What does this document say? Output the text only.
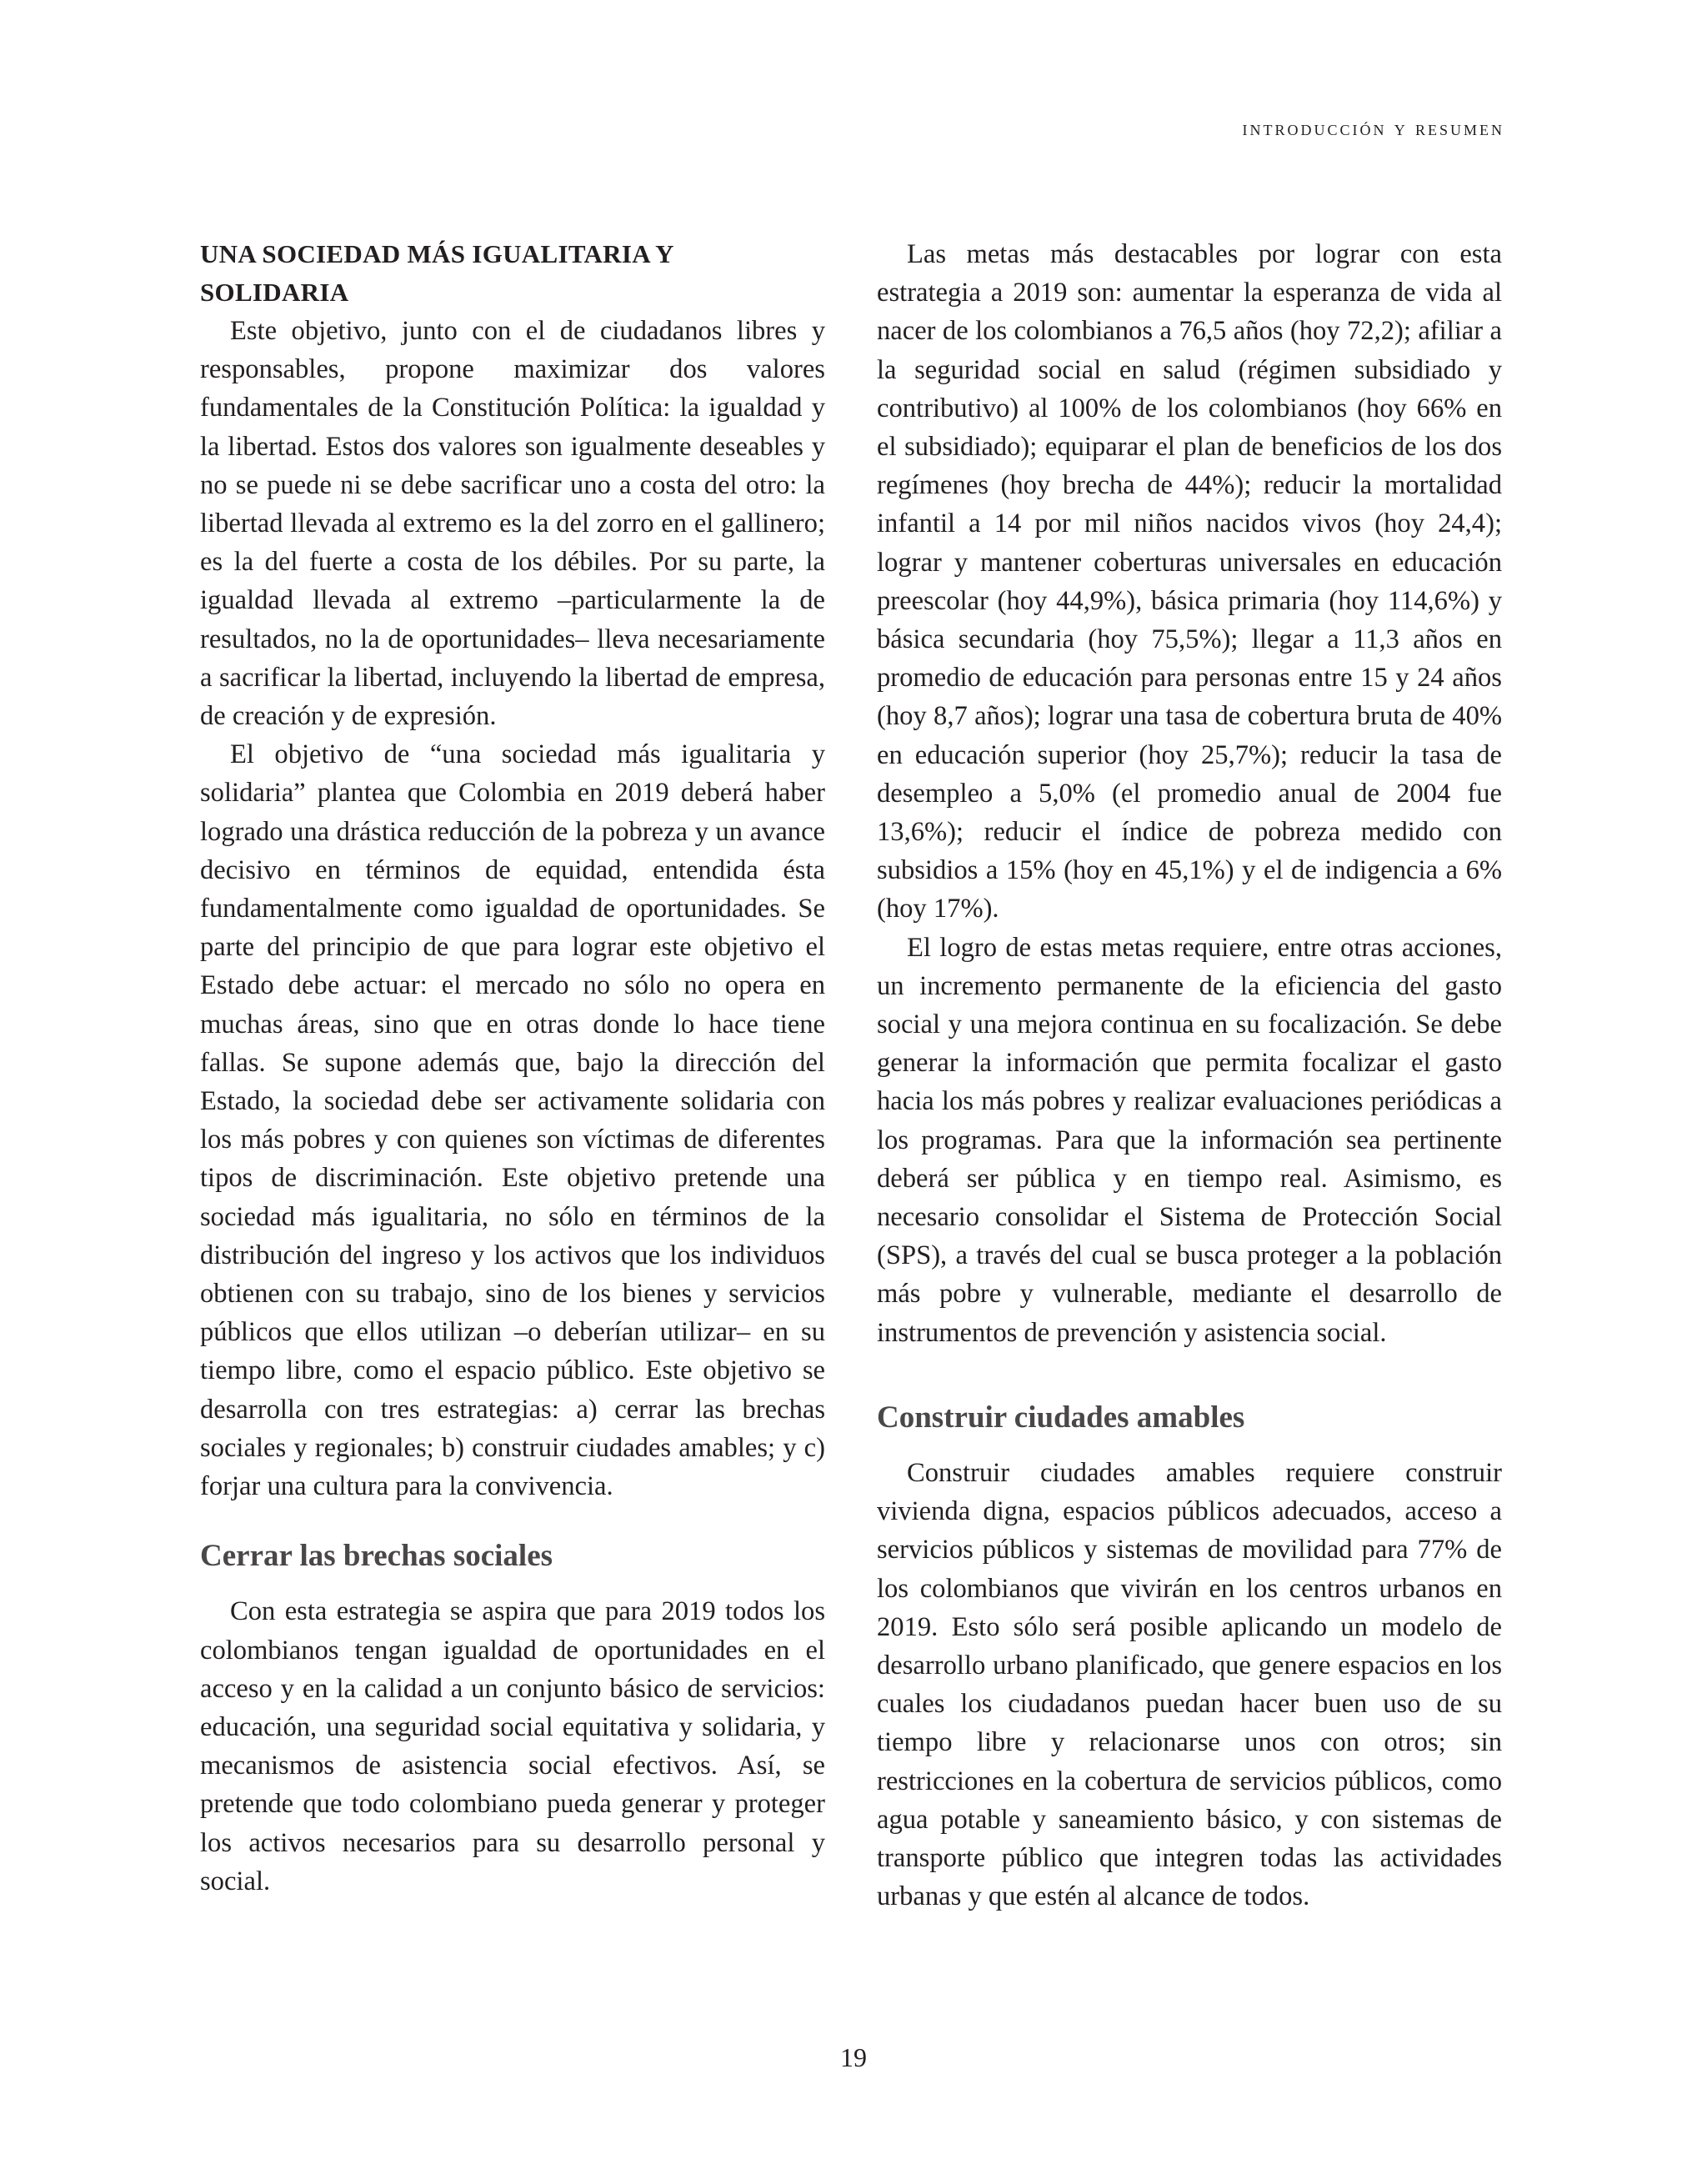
introducción y resumen
UNA SOCIEDAD MÁS IGUALITARIA Y SOLIDARIA

Este objetivo, junto con el de ciudadanos libres y responsables, propone maximizar dos valores fundamentales de la Constitución Política: la igualdad y la libertad. Estos dos valores son igualmente deseables y no se puede ni se debe sacrificar uno a costa del otro: la libertad llevada al extremo es la del zorro en el gallinero; es la del fuerte a costa de los débiles. Por su parte, la igualdad llevada al extremo –particularmente la de resultados, no la de oportunidades– lleva necesariamente a sacrificar la libertad, incluyendo la libertad de empresa, de creación y de expresión.

El objetivo de “una sociedad más igualitaria y solidaria” plantea que Colombia en 2019 deberá haber logrado una drástica reducción de la pobreza y un avance decisivo en términos de equidad, entendida ésta fundamentalmente como igualdad de oportunidades. Se parte del principio de que para lograr este objetivo el Estado debe actuar: el mercado no sólo no opera en muchas áreas, sino que en otras donde lo hace tiene fallas. Se supone además que, bajo la dirección del Estado, la sociedad debe ser activamente solidaria con los más pobres y con quienes son víctimas de diferentes tipos de discriminación. Este objetivo pretende una sociedad más igualitaria, no sólo en términos de la distribución del ingreso y los activos que los individuos obtienen con su trabajo, sino de los bienes y servicios públicos que ellos utilizan –o deberían utilizar– en su tiempo libre, como el espacio público. Este objetivo se desarrolla con tres estrategias: a) cerrar las brechas sociales y regionales; b) construir ciudades amables; y c) forjar una cultura para la convivencia.

Cerrar las brechas sociales

Con esta estrategia se aspira que para 2019 todos los colombianos tengan igualdad de oportunidades en el acceso y en la calidad a un conjunto básico de servicios: educación, una seguridad social equitativa y solidaria, y mecanismos de asistencia social efectivos. Así, se pretende que todo colombiano pueda generar y proteger los activos necesarios para su desarrollo personal y social.

Las metas más destacables por lograr con esta estrategia a 2019 son: aumentar la esperanza de vida al nacer de los colombianos a 76,5 años (hoy 72,2); afiliar a la seguridad social en salud (régimen subsidiado y contributivo) al 100% de los colombianos (hoy 66% en el subsidiado); equiparar el plan de beneficios de los dos regímenes (hoy brecha de 44%); reducir la mortalidad infantil a 14 por mil niños nacidos vivos (hoy 24,4); lograr y mantener coberturas universales en educación preescolar (hoy 44,9%), básica primaria (hoy 114,6%) y básica secundaria (hoy 75,5%); llegar a 11,3 años en promedio de educación para personas entre 15 y 24 años (hoy 8,7 años); lograr una tasa de cobertura bruta de 40% en educación superior (hoy 25,7%); reducir la tasa de desempleo a 5,0% (el promedio anual de 2004 fue 13,6%); reducir el índice de pobreza medido con subsidios a 15% (hoy en 45,1%) y el de indigencia a 6% (hoy 17%).

El logro de estas metas requiere, entre otras acciones, un incremento permanente de la eficiencia del gasto social y una mejora continua en su focalización. Se debe generar la información que permita focalizar el gasto hacia los más pobres y realizar evaluaciones periódicas a los programas. Para que la información sea pertinente deberá ser pública y en tiempo real. Asimismo, es necesario consolidar el Sistema de Protección Social (SPS), a través del cual se busca proteger a la población más pobre y vulnerable, mediante el desarrollo de instrumentos de prevención y asistencia social.

Construir ciudades amables

Construir ciudades amables requiere construir vivienda digna, espacios públicos adecuados, acceso a servicios públicos y sistemas de movilidad para 77% de los colombianos que vivirán en los centros urbanos en 2019. Esto sólo será posible aplicando un modelo de desarrollo urbano planificado, que genere espacios en los cuales los ciudadanos puedan hacer buen uso de su tiempo libre y relacionarse unos con otros; sin restricciones en la cobertura de servicios públicos, como agua potable y saneamiento básico, y con sistemas de transporte público que integren todas las actividades urbanas y que estén al alcance de todos.

19
